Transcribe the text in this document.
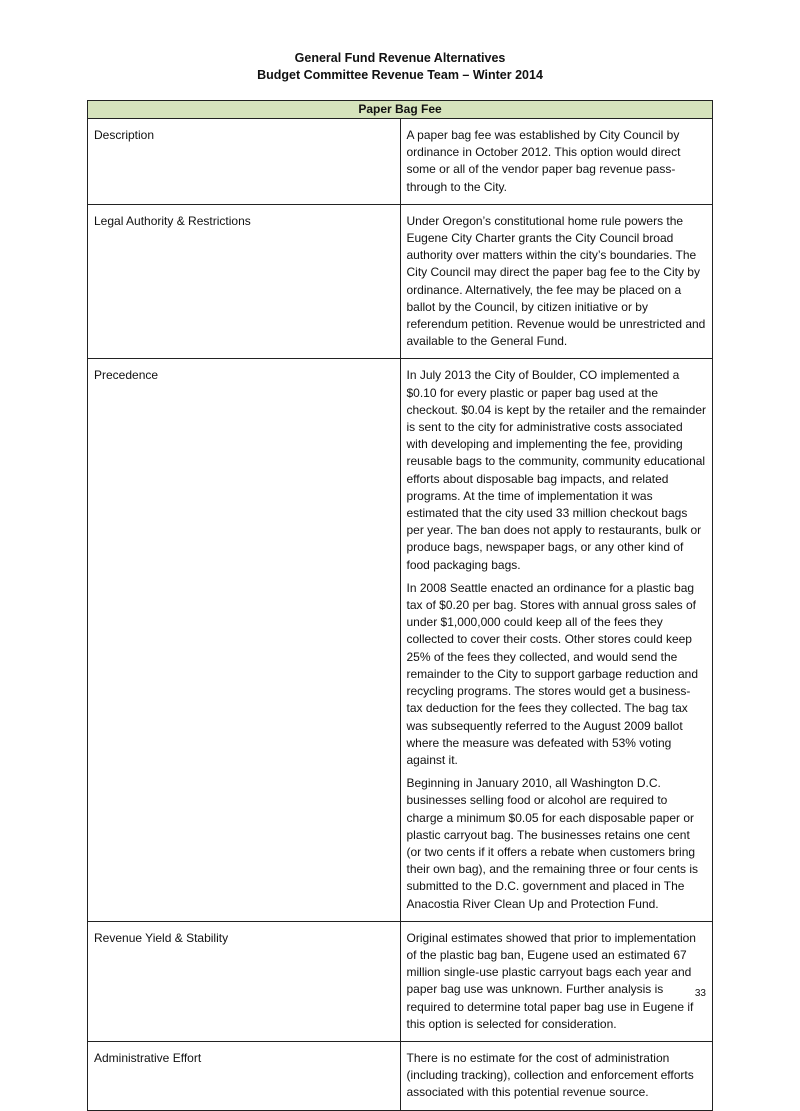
General Fund Revenue Alternatives
Budget Committee Revenue Team – Winter 2014
Paper Bag Fee	
Description	A paper bag fee was established by City Council by ordinance in October 2012. This option would direct some or all of the vendor paper bag revenue pass-through to the City.

Legal Authority & Restrictions	Under Oregon’s constitutional home rule powers the Eugene City Charter grants the City Council broad authority over matters within the city’s boundaries. The City Council may direct the paper bag fee to the City by ordinance. Alternatively, the fee may be placed on a ballot by the Council, by citizen initiative or by referendum petition. Revenue would be unrestricted and available to the General Fund.

Precedence	In July 2013 the City of Boulder, CO implemented a $0.10 for every plastic or paper bag used at the checkout. $0.04 is kept by the retailer and the remainder is sent to the city for administrative costs associated with developing and implementing the fee, providing reusable bags to the community, community educational efforts about disposable bag impacts, and related programs. At the time of implementation it was estimated that the city used 33 million checkout bags per year. The ban does not apply to restaurants, bulk or produce bags, newspaper bags, or any other kind of food packaging bags.

In 2008 Seattle enacted an ordinance for a plastic bag tax of $0.20 per bag. Stores with annual gross sales of under $1,000,000 could keep all of the fees they collected to cover their costs. Other stores could keep 25% of the fees they collected, and would send the remainder to the City to support garbage reduction and recycling programs. The stores would get a business-tax deduction for the fees they collected. The bag tax was subsequently referred to the August 2009 ballot where the measure was defeated with 53% voting against it.

Beginning in January 2010, all Washington D.C. businesses selling food or alcohol are required to charge a minimum $0.05 for each disposable paper or plastic carryout bag. The businesses retains one cent (or two cents if it offers a rebate when customers bring their own bag), and the remaining three or four cents is submitted to the D.C. government and placed in The Anacostia River Clean Up and Protection Fund.

Revenue Yield & Stability	Original estimates showed that prior to implementation of the plastic bag ban, Eugene used an estimated 67 million single-use plastic carryout bags each year and paper bag use was unknown. Further analysis is required to determine total paper bag use in Eugene if this option is selected for consideration.

Administrative Effort	There is no estimate for the cost of administration (including tracking), collection and enforcement efforts associated with this potential revenue source.

33
